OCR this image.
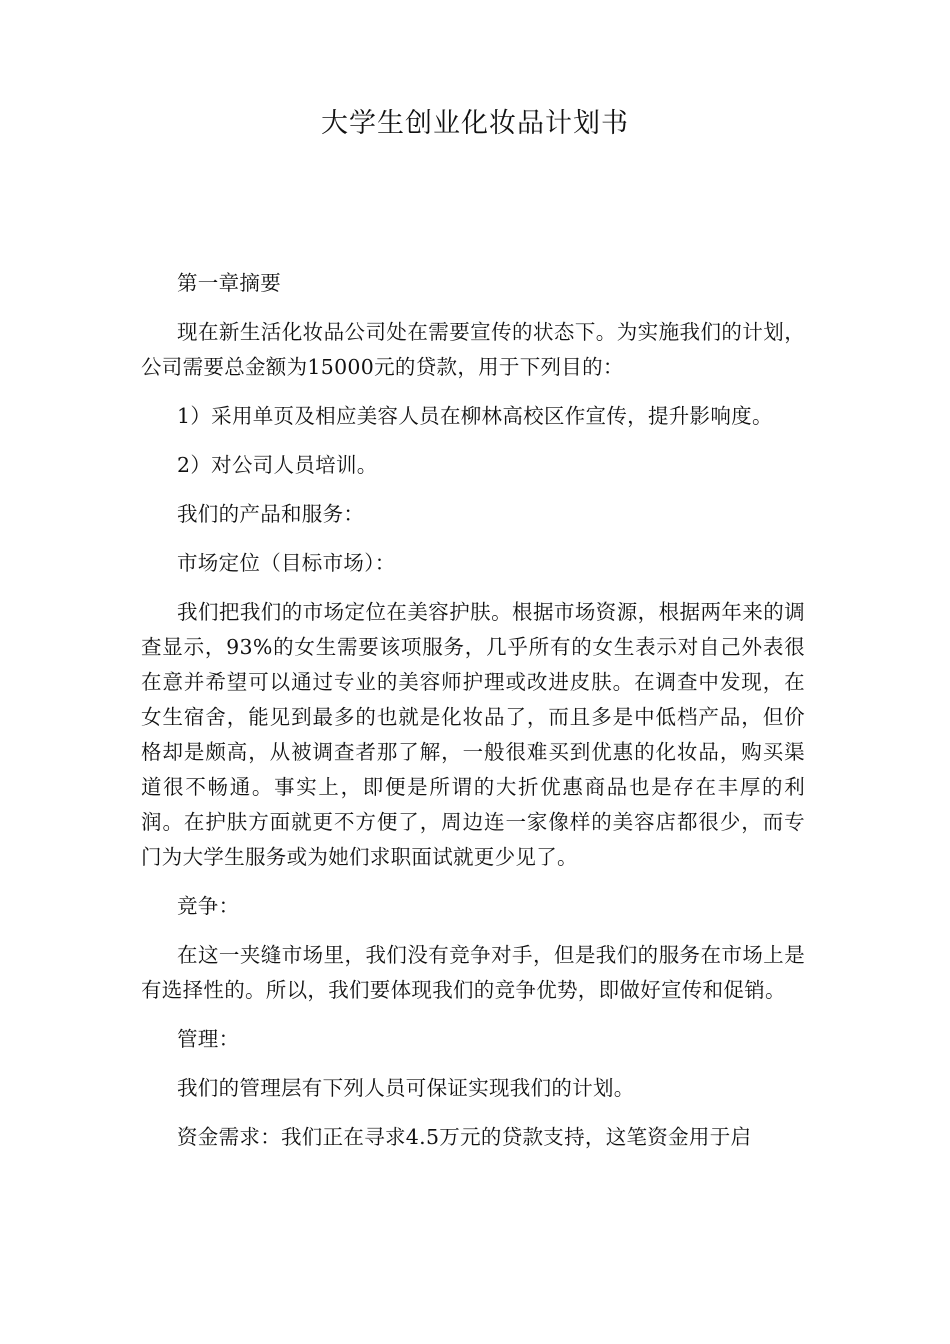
大学生创业化妆品计划书

第一章摘要

现在新生活化妆品公司处在需要宣传的状态下。为实施我们的计划，公司需要总金额为15000元的贷款，用于下列目的：

1）采用单页及相应美容人员在柳林高校区作宣传，提升影响度。

2）对公司人员培训。

我们的产品和服务：

市场定位（目标市场）：

我们把我们的市场定位在美容护肤。根据市场资源，根据两年来的调查显示，93%的女生需要该项服务，几乎所有的女生表示对自己外表很在意并希望可以通过专业的美容师护理或改进皮肤。在调查中发现，在女生宿舍，能见到最多的也就是化妆品了，而且多是中低档产品，但价格却是颇高，从被调查者那了解，一般很难买到优惠的化妆品，购买渠道很不畅通。事实上，即便是所谓的大折优惠商品也是存在丰厚的利润。在护肤方面就更不方便了，周边连一家像样的美容店都很少，而专门为大学生服务或为她们求职面试就更少见了。

竞争：

在这一夹缝市场里，我们没有竞争对手，但是我们的服务在市场上是有选择性的。所以，我们要体现我们的竞争优势，即做好宣传和促销。

管理：

我们的管理层有下列人员可保证实现我们的计划。

资金需求：我们正在寻求4.5万元的贷款支持，这笔资金用于启
